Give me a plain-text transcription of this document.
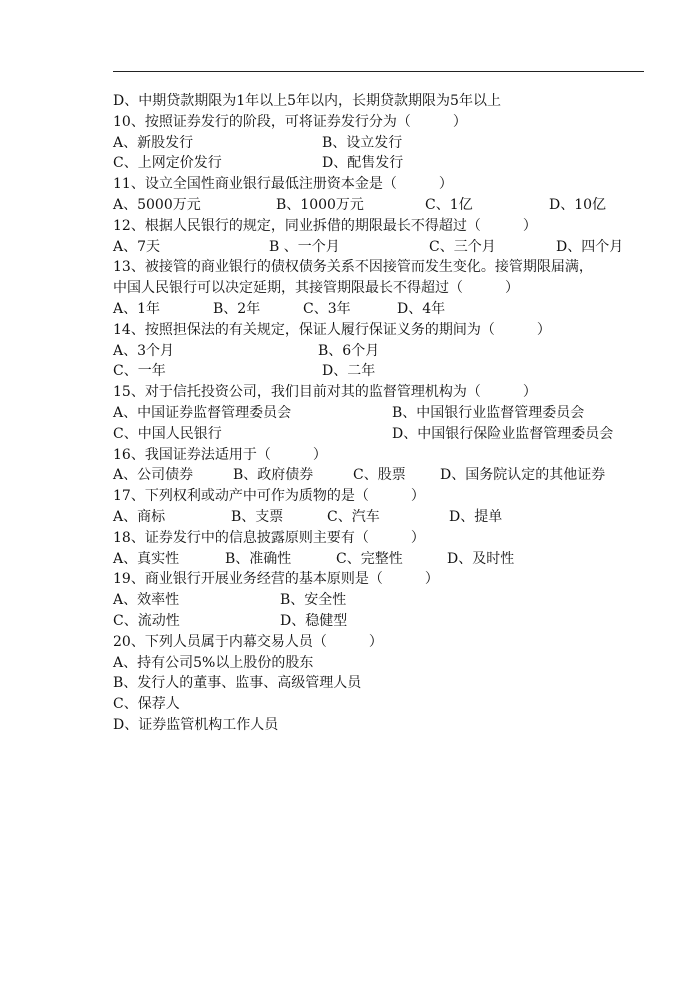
D、中期贷款期限为1年以上5年以内，长期贷款期限为5年以上
10、按照证券发行的阶段，可将证券发行分为（　　　）
A、新股发行	B、设立发行
C、上网定价发行	D、配售发行
11、设立全国性商业银行最低注册资本金是（　　　）
A、5000万元	B、1000万元	C、1亿	D、10亿
12、根据人民银行的规定，同业拆借的期限最长不得超过（　　　）
A、7天	B 、一个月	C、三个月	D、四个月
13、被接管的商业银行的债权债务关系不因接管而发生变化。接管期限届满，
中国人民银行可以决定延期，其接管期限最长不得超过（　　　）
A、1年	B、2年	C、3年	D、4年
14、按照担保法的有关规定，保证人履行保证义务的期间为（　　　）
A、3个月	B、6个月
C、一年	D、二年
15、对于信托投资公司，我们目前对其的监督管理机构为（　　　）
A、中国证券监督管理委员会	B、中国银行业监督管理委员会
C、中国人民银行	D、中国银行保险业监督管理委员会
16、我国证券法适用于（　　　）
A、公司债券	B、政府债券	C、股票 D、国务院认定的其他证券
17、下列权利或动产中可作为质物的是（　　　）
A、商标	B、支票	C、汽车	D、提单
18、证券发行中的信息披露原则主要有（　　　）
A、真实性	B、准确性	C、完整性	D、及时性
19、商业银行开展业务经营的基本原则是（　　　）
A、效率性	B、安全性
C、流动性	D、稳健型
20、下列人员属于内幕交易人员（　　　）
A、持有公司5%以上股份的股东
B、发行人的董事、监事、高级管理人员
C、保荐人
D、证券监管机构工作人员
